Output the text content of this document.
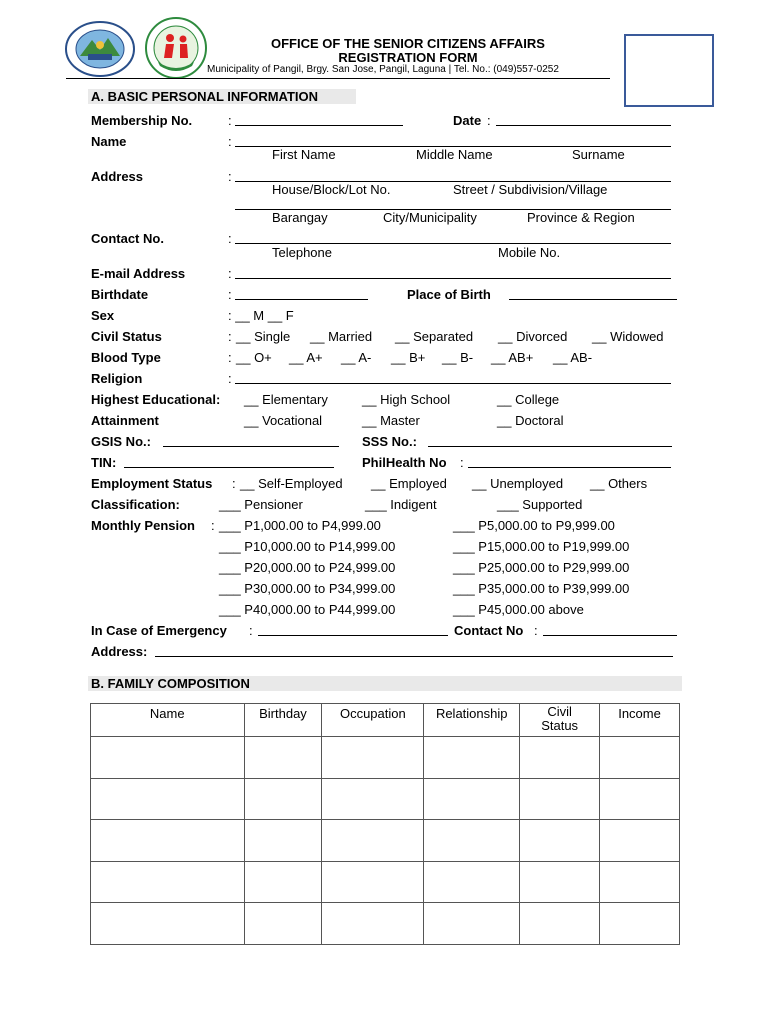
OFFICE OF THE SENIOR CITIZENS AFFAIRS
REGISTRATION FORM
Municipality of Pangil, Brgy. San Jose, Pangil, Laguna | Tel. No.: (049)557-0252
A. BASIC PERSONAL INFORMATION
Membership No.	:	Date :
Name	:
First Name	Middle Name	Surname
Address	:
House/Block/Lot No.	Street / Subdivision/Village
Barangay	City/Municipality	Province & Region
Contact No.	:
Telephone	Mobile No.
E-mail Address	:
Birthdate	:	Place of Birth
Sex	: __ M __ F
Civil Status	: __ Single __ Married __ Separated __ Divorced __ Widowed
Blood Type	: __ O+ __ A+ __ A- __ B+ __ B- __ AB+ __ AB-
Religion	:
Highest Educational:
Attainment
__ Elementary	__ High School	__ College
__ Vocational	__ Master	__ Doctoral
GSIS No.:	SSS No.:
TIN:	PhilHealth No :
Employment Status : __ Self-Employed __ Employed __ Unemployed __ Others
Classification:	___ Pensioner	___ Indigent	___ Supported
Monthly Pension : ___ P1,000.00 to P4,999.00	___ P5,000.00 to P9,999.00
___ P10,000.00 to P14,999.00	___ P15,000.00 to P19,999.00
___ P20,000.00 to P24,999.00	___ P25,000.00 to P29,999.00
___ P30,000.00 to P34,999.00	___ P35,000.00 to P39,999.00
___ P40,000.00 to P44,999.00	___ P45,000.00 above
In Case of Emergency :	Contact No :
Address:
B. FAMILY COMPOSITION
Name	Birthday	Occupation	Relationship	Civil Status	Income
